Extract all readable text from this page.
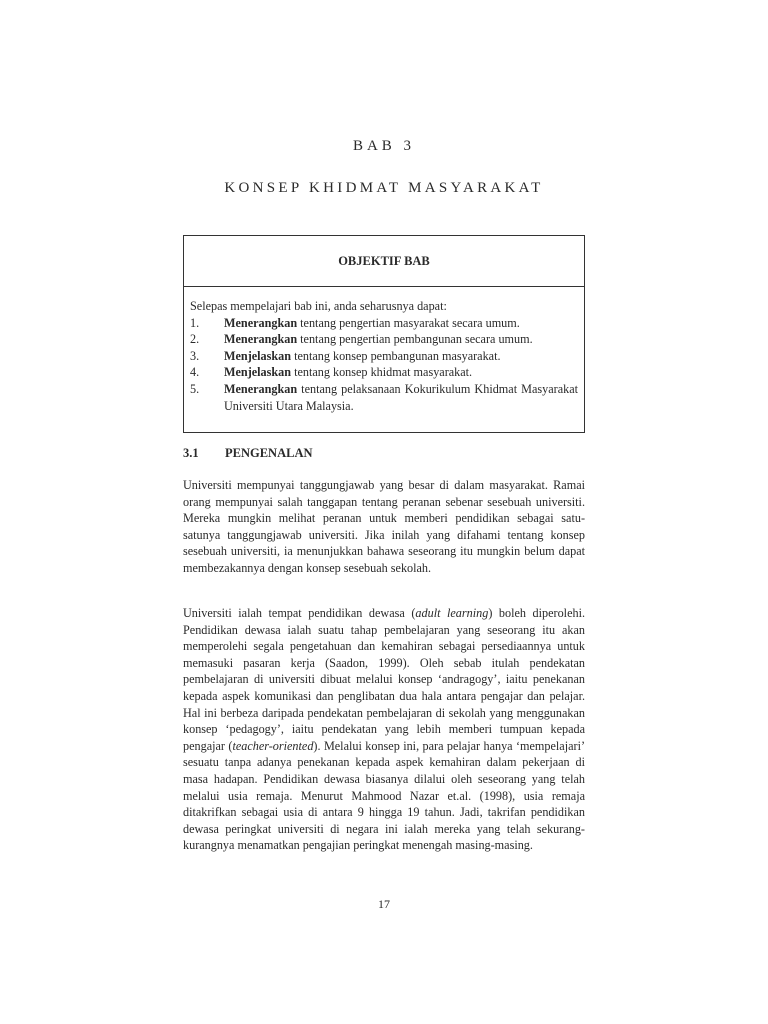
BAB 3
KONSEP KHIDMAT MASYARAKAT
OBJEKTIF BAB
Selepas mempelajari bab ini, anda seharusnya dapat:
1.	Menerangkan tentang pengertian masyarakat secara umum.
2.	Menerangkan tentang pengertian pembangunan secara umum.
3.	Menjelaskan tentang konsep pembangunan masyarakat.
4.	Menjelaskan tentang konsep khidmat masyarakat.
5.	Menerangkan tentang pelaksanaan Kokurikulum Khidmat Masyarakat Universiti Utara Malaysia.
3.1	PENGENALAN

Universiti mempunyai tanggungjawab yang besar di dalam masyarakat. Ramai orang mempunyai salah tanggapan tentang peranan sebenar sesebuah universiti. Mereka mungkin melihat peranan untuk memberi pendidikan sebagai satu-satunya tanggungjawab universiti. Jika inilah yang difahami tentang konsep sesebuah universiti, ia menunjukkan bahawa seseorang itu mungkin belum dapat membezakannya dengan konsep sesebuah sekolah.

Universiti ialah tempat pendidikan dewasa (adult learning) boleh diperolehi. Pendidikan dewasa ialah suatu tahap pembelajaran yang seseorang itu akan memperolehi segala pengetahuan dan kemahiran sebagai persediaannya untuk memasuki pasaran kerja (Saadon, 1999). Oleh sebab itulah pendekatan pembelajaran di universiti dibuat melalui konsep ‘andragogy’, iaitu penekanan kepada aspek komunikasi dan penglibatan dua hala antara pengajar dan pelajar. Hal ini berbeza daripada pendekatan pembelajaran di sekolah yang menggunakan konsep ‘pedagogy’, iaitu pendekatan yang lebih memberi tumpuan kepada pengajar (teacher-oriented). Melalui konsep ini, para pelajar hanya ‘mempelajari’ sesuatu tanpa adanya penekanan kepada aspek kemahiran dalam pekerjaan di masa hadapan. Pendidikan dewasa biasanya dilalui oleh seseorang yang telah melalui usia remaja. Menurut Mahmood Nazar et.al. (1998), usia remaja ditakrifkan sebagai usia di antara 9 hingga 19 tahun. Jadi, takrifan pendidikan dewasa peringkat universiti di negara ini ialah mereka yang telah sekurang-kurangnya menamatkan pengajian peringkat menengah masing-masing.

17
